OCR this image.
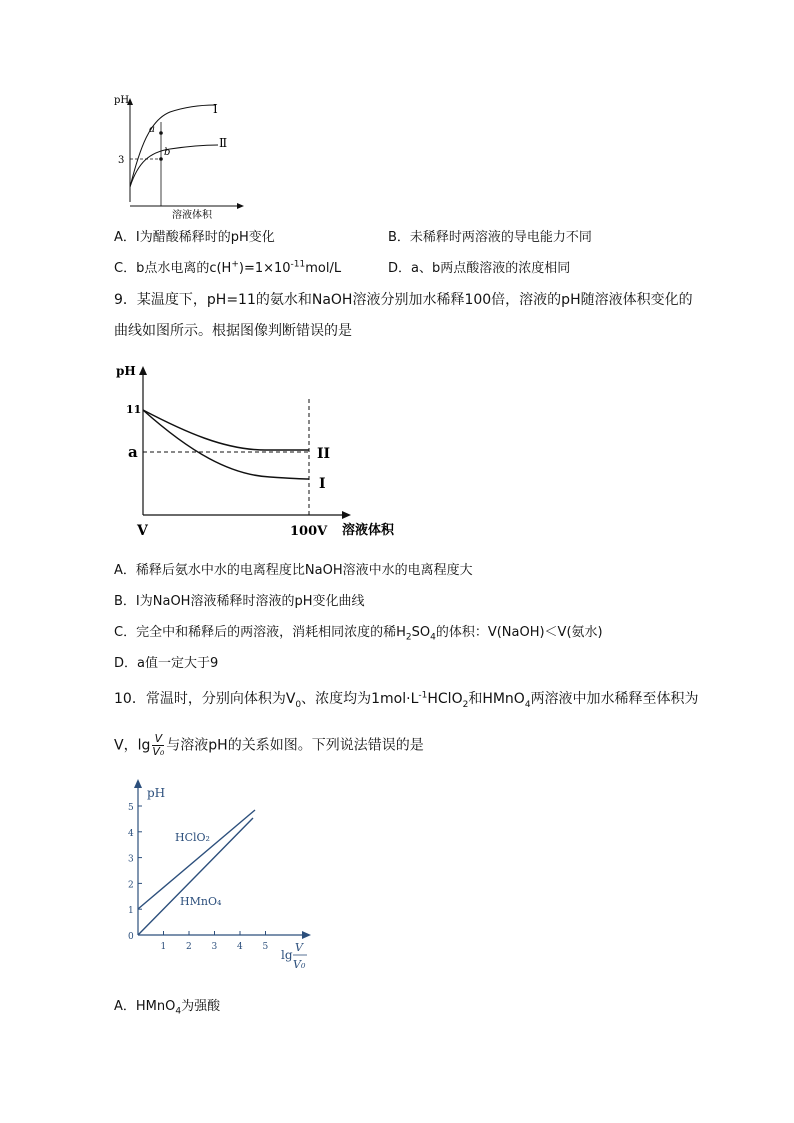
pH
3
a
b
Ⅰ
Ⅱ
溶液体积
A．Ⅰ为醋酸稀释时的pH变化	B．未稀释时两溶液的导电能力不同
C．b点水电离的$c(H^+)=1\times 10^{-11}mol/L$	D．a、b两点酸溶液的浓度相同
9．某温度下，pH=11的氨水和NaOH溶液分别加水稀释100倍，溶液的pH随溶液体积变化的
曲线如图所示。根据图像判断错误的是
pH
11
a	II
I
V	100V 溶液体积
A．稀释后氨水中水的电离程度比NaOH溶液中水的电离程度大
B．Ⅰ为NaOH溶液稀释时溶液的pH变化曲线
C．完全中和稀释后的两溶液，消耗相同浓度的稀$H_2SO_4$的体积：V(NaOH)＜V(氨水)
D．a值一定大于9
10．常温时，分别向体积为$V_0$、浓度均为$1mol\cdot L^{-1}HClO_2$和HMnO$_4$两溶液中加水稀释至体积为
V，$\lg \frac{V}{\text{V₀}}$ 与溶液pH的关系如图。下列说法错误的是
0
1
2
3
4
5
1 2 3 4 5
pH
HClO₂
HMnO₄
lg
V
V₀
A．HMnO$_4$为强酸
